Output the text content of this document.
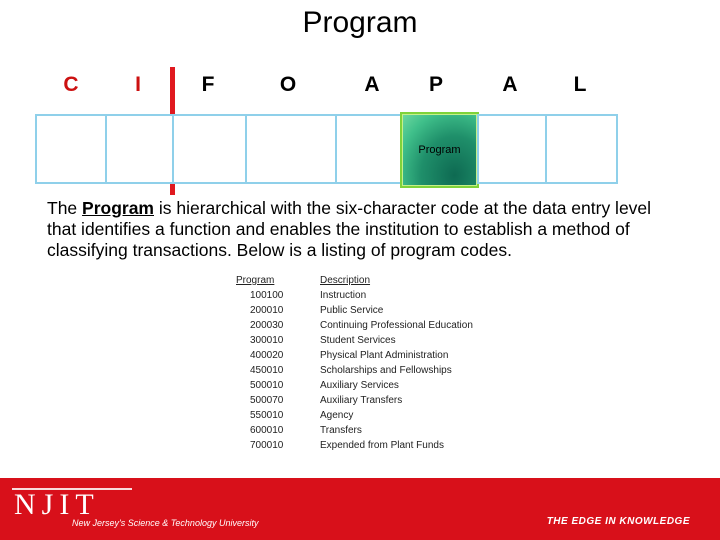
Program
C	I	F	O	A	P	A	L
Program

The Program is hierarchical with the six-character code at the data entry level that identifies a function and enables the institution to establish a method of classifying transactions. Below is a listing of program codes.

Program	Description
100100	Instruction
200010	Public Service
200030	Continuing Professional Education
300010	Student Services
400020	Physical Plant Administration
450010	Scholarships and Fellowships
500010	Auxiliary Services
500070	Auxiliary Transfers
550010	Agency
600010	Transfers
700010	Expended from Plant Funds
NJIT
New Jersey's Science & Technology University	THE EDGE IN KNOWLEDGE
